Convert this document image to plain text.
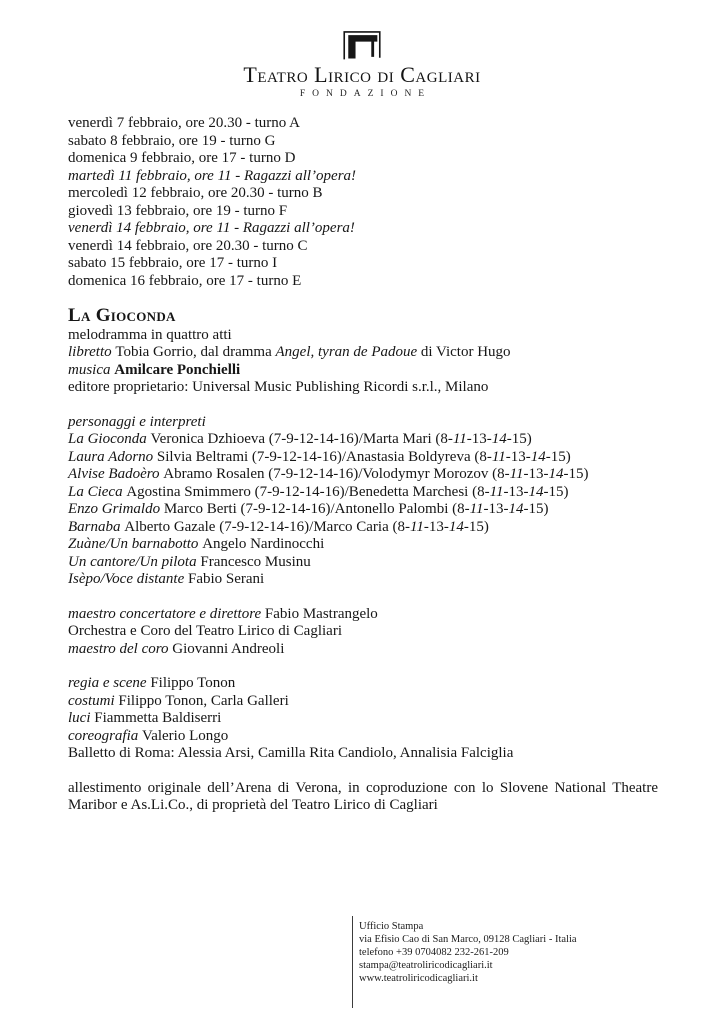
Teatro Lirico di Cagliari
FONDAZIONE
venerdì 7 febbraio, ore 20.30 - turno A
sabato 8 febbraio, ore 19 - turno G
domenica 9 febbraio, ore 17 - turno D
martedì 11 febbraio, ore 11 - Ragazzi all’opera!
mercoledì 12 febbraio, ore 20.30 - turno B
giovedì 13 febbraio, ore 19 - turno F
venerdì 14 febbraio, ore 11 - Ragazzi all’opera!
venerdì 14 febbraio, ore 20.30 - turno C
sabato 15 febbraio, ore 17 - turno I
domenica 16 febbraio, ore 17 - turno E
La Gioconda
melodramma in quattro atti
libretto Tobia Gorrio, dal dramma Angel, tyran de Padoue di Victor Hugo
musica Amilcare Ponchielli
editore proprietario: Universal Music Publishing Ricordi s.r.l., Milano
personaggi e interpreti
La Gioconda Veronica Dzhioeva (7-9-12-14-16)/Marta Mari (8-11-13-14-15)
Laura Adorno Silvia Beltrami (7-9-12-14-16)/Anastasia Boldyreva (8-11-13-14-15)
Alvise Badoèro Abramo Rosalen (7-9-12-14-16)/Volodymyr Morozov (8-11-13-14-15)
La Cieca Agostina Smimmero (7-9-12-14-16)/Benedetta Marchesi (8-11-13-14-15)
Enzo Grimaldo Marco Berti (7-9-12-14-16)/Antonello Palombi (8-11-13-14-15)
Barnaba Alberto Gazale (7-9-12-14-16)/Marco Caria (8-11-13-14-15)
Zuàne/Un barnabotto Angelo Nardinocchi
Un cantore/Un pilota Francesco Musinu
Isèpo/Voce distante Fabio Serani
maestro concertatore e direttore Fabio Mastrangelo
Orchestra e Coro del Teatro Lirico di Cagliari
maestro del coro Giovanni Andreoli
regia e scene Filippo Tonon
costumi Filippo Tonon, Carla Galleri
luci Fiammetta Baldiserri
coreografia Valerio Longo
Balletto di Roma: Alessia Arsi, Camilla Rita Candiolo, Annalisia Falciglia

allestimento originale dell’Arena di Verona, in coproduzione con lo Slovene National Theatre Maribor e As.Li.Co., di proprietà del Teatro Lirico di Cagliari

Ufficio Stampa
via Efisio Cao di San Marco, 09128 Cagliari - Italia
telefono +39 0704082 232-261-209
stampa@teatroliricodicagliari.it
www.teatroliricodicagliari.it
